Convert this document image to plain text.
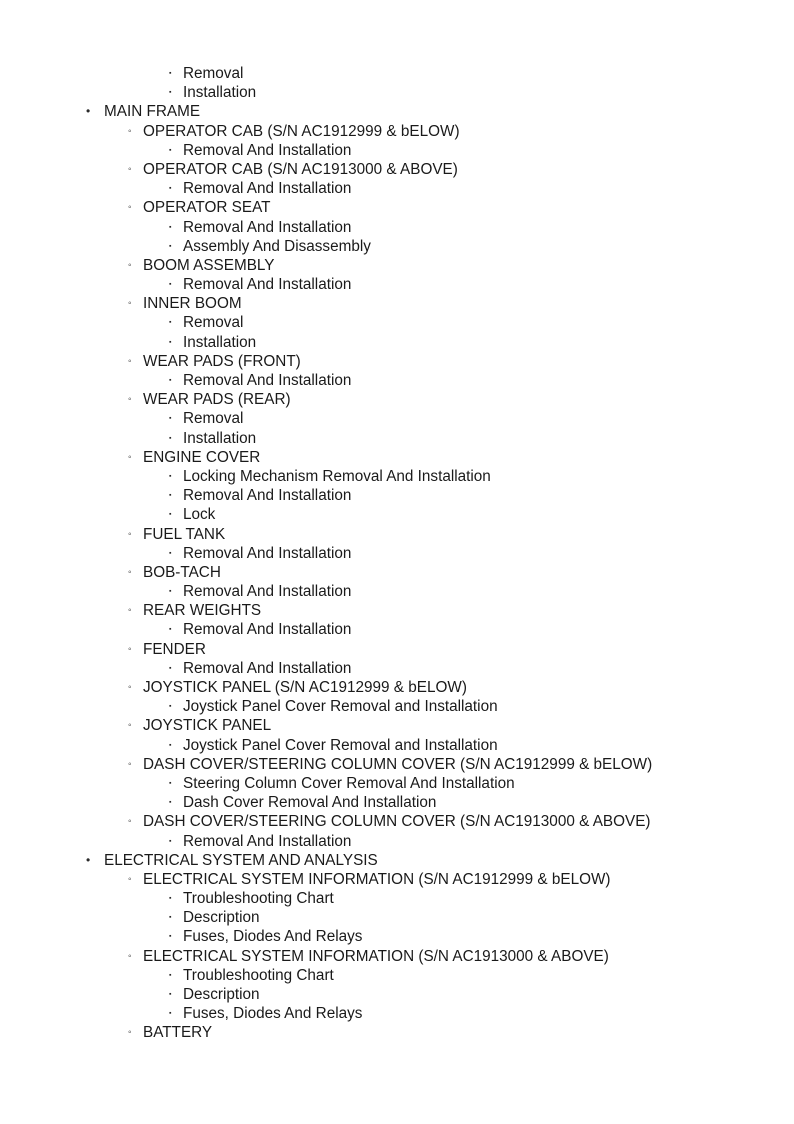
▪ Removal
▪ Installation
• MAIN FRAME
◦ OPERATOR CAB (S/N AC1912999 & bELOW)
▪ Removal And Installation
◦ OPERATOR CAB (S/N AC1913000 & ABOVE)
▪ Removal And Installation
◦ OPERATOR SEAT
▪ Removal And Installation
▪ Assembly And Disassembly
◦ BOOM ASSEMBLY
▪ Removal And Installation
◦ INNER BOOM
▪ Removal
▪ Installation
◦ WEAR PADS (FRONT)
▪ Removal And Installation
◦ WEAR PADS (REAR)
▪ Removal
▪ Installation
◦ ENGINE COVER
▪ Locking Mechanism Removal And Installation
▪ Removal And Installation
▪ Lock
◦ FUEL TANK
▪ Removal And Installation
◦ BOB-TACH
▪ Removal And Installation
◦ REAR WEIGHTS
▪ Removal And Installation
◦ FENDER
▪ Removal And Installation
◦ JOYSTICK PANEL (S/N AC1912999 & bELOW)
▪ Joystick Panel Cover Removal and Installation
◦ JOYSTICK PANEL
▪ Joystick Panel Cover Removal and Installation
◦ DASH COVER/STEERING COLUMN COVER (S/N AC1912999 & bELOW)
▪ Steering Column Cover Removal And Installation
▪ Dash Cover Removal And Installation
◦ DASH COVER/STEERING COLUMN COVER (S/N AC1913000 & ABOVE)
▪ Removal And Installation
• ELECTRICAL SYSTEM AND ANALYSIS
◦ ELECTRICAL SYSTEM INFORMATION (S/N AC1912999 & bELOW)
▪ Troubleshooting Chart
▪ Description
▪ Fuses, Diodes And Relays
◦ ELECTRICAL SYSTEM INFORMATION (S/N AC1913000 & ABOVE)
▪ Troubleshooting Chart
▪ Description
▪ Fuses, Diodes And Relays
◦ BATTERY
